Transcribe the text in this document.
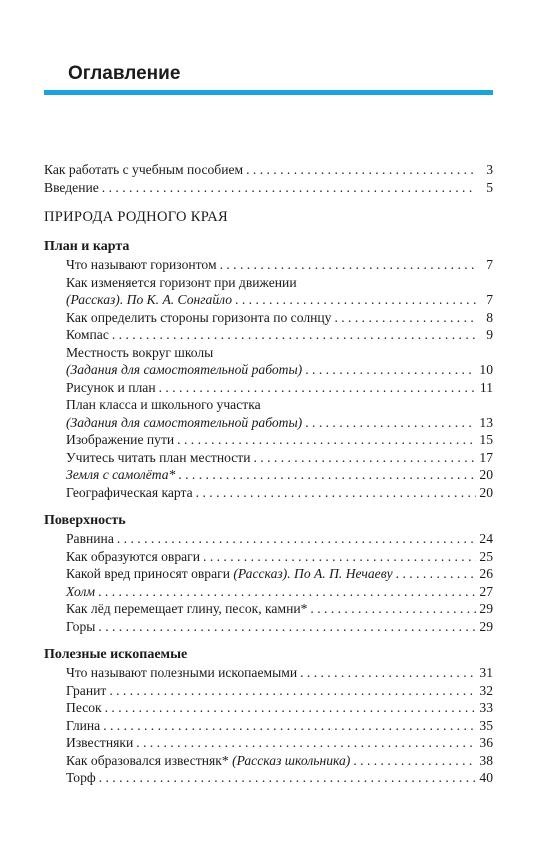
Оглавление
Как работать с учебным пособием . . .	3
Введение . . .	5
ПРИРОДА РОДНОГО КРАЯ
План и карта
Что называют горизонтом . . .	7
Как изменяется горизонт при движении
(Рассказ). По К. А. Сонгайло . . .	7
Как определить стороны горизонта по солнцу . . .	8
Компас . . .	9
Местность вокруг школы
(Задания для самостоятельной работы) . . .	10
Рисунок и план . . .	11
План класса и школьного участка
(Задания для самостоятельной работы) . . .	13
Изображение пути . . .	15
Учитесь читать план местности . . .	17
Земля с самолёта* . . .	20
Географическая карта . . .	20
Поверхность
Равнина . . .	24
Как образуются овраги . . .	25
Какой вред приносят овраги (Рассказ). По А. П. Нечаеву . . .	26
Холм . . .	27
Как лёд перемещает глину, песок, камни* . . .	29
Горы . . .	29
Полезные ископаемые
Что называют полезными ископаемыми . . .	31
Гранит . . .	32
Песок . . .	33
Глина . . .	35
Известняки . . .	36
Как образовался известняк* (Рассказ школьника) . . .	38
Торф . . .	40
